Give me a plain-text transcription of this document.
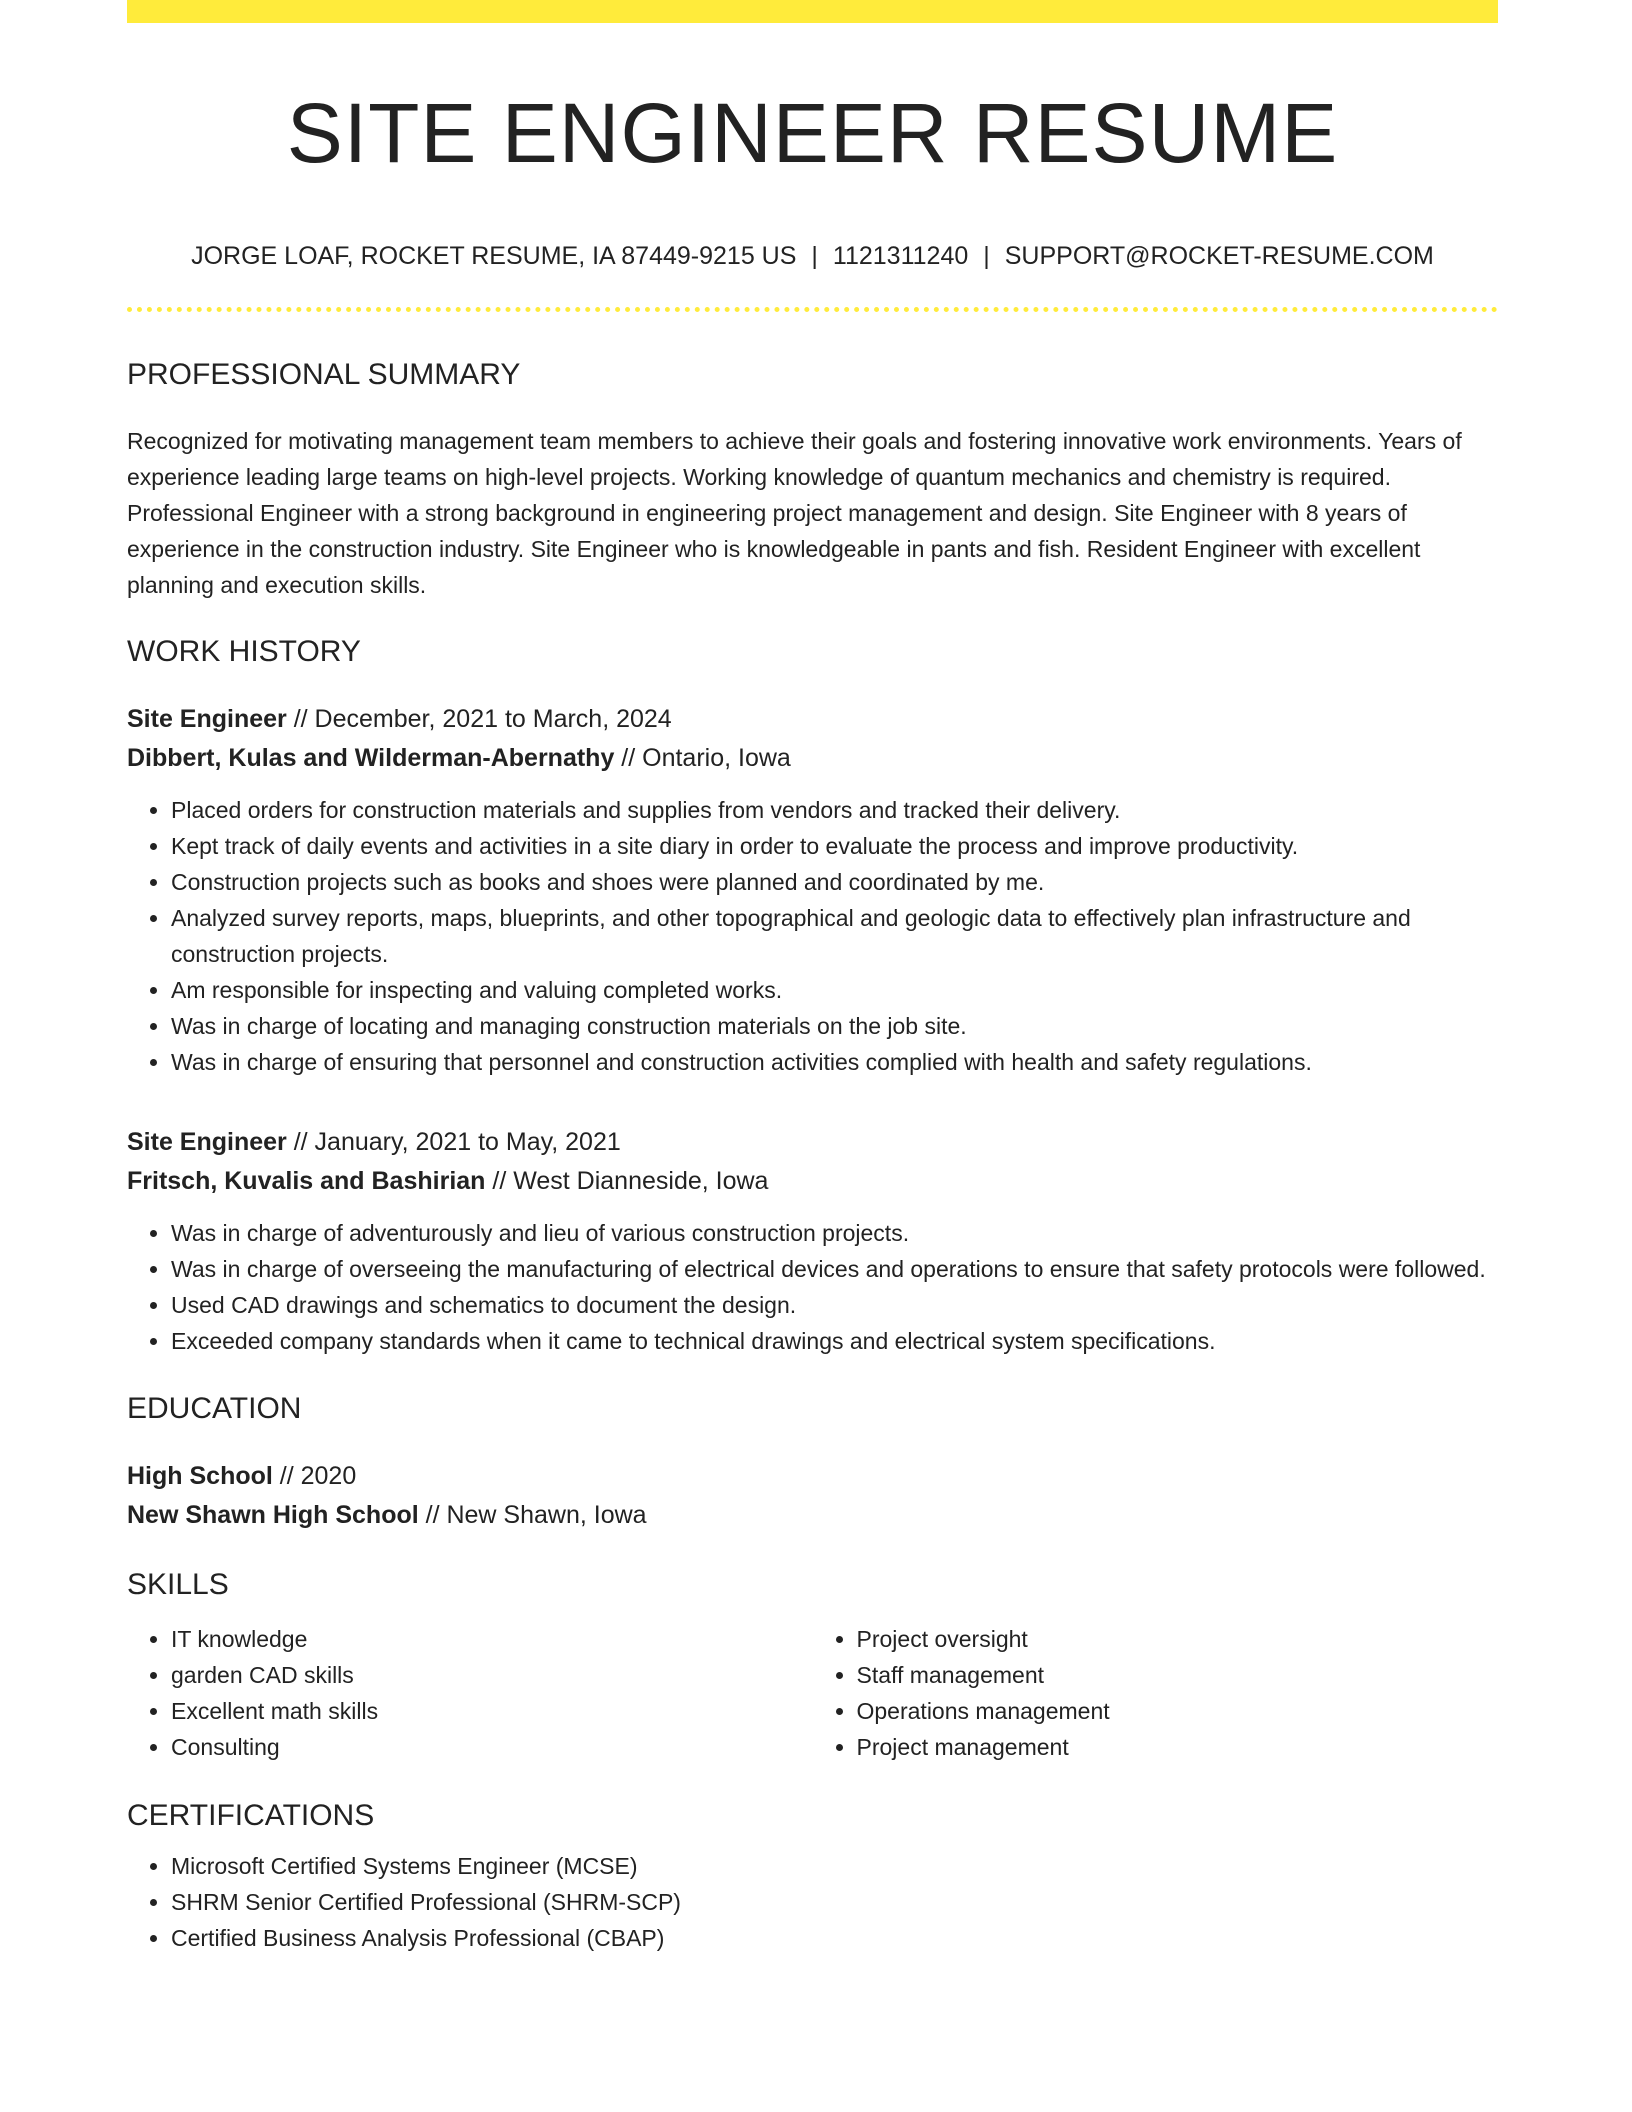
SITE ENGINEER RESUME
JORGE LOAF, ROCKET RESUME, IA 87449-9215 US | 1121311240 | SUPPORT@ROCKET-RESUME.COM
PROFESSIONAL SUMMARY
Recognized for motivating management team members to achieve their goals and fostering innovative work environments. Years of experience leading large teams on high-level projects. Working knowledge of quantum mechanics and chemistry is required. Professional Engineer with a strong background in engineering project management and design. Site Engineer with 8 years of experience in the construction industry. Site Engineer who is knowledgeable in pants and fish. Resident Engineer with excellent planning and execution skills.
WORK HISTORY
Site Engineer // December, 2021 to March, 2024
Dibbert, Kulas and Wilderman-Abernathy // Ontario, Iowa
• Placed orders for construction materials and supplies from vendors and tracked their delivery.
• Kept track of daily events and activities in a site diary in order to evaluate the process and improve productivity.
• Construction projects such as books and shoes were planned and coordinated by me.
• Analyzed survey reports, maps, blueprints, and other topographical and geologic data to effectively plan infrastructure and construction projects.
• Am responsible for inspecting and valuing completed works.
• Was in charge of locating and managing construction materials on the job site.
• Was in charge of ensuring that personnel and construction activities complied with health and safety regulations.
Site Engineer // January, 2021 to May, 2021
Fritsch, Kuvalis and Bashirian // West Dianneside, Iowa
• Was in charge of adventurously and lieu of various construction projects.
• Was in charge of overseeing the manufacturing of electrical devices and operations to ensure that safety protocols were followed.
• Used CAD drawings and schematics to document the design.
• Exceeded company standards when it came to technical drawings and electrical system specifications.
EDUCATION
High School // 2020
New Shawn High School // New Shawn, Iowa
SKILLS
• IT knowledge
• garden CAD skills
• Excellent math skills
• Consulting
• Project oversight
• Staff management
• Operations management
• Project management
CERTIFICATIONS
• Microsoft Certified Systems Engineer (MCSE)
• SHRM Senior Certified Professional (SHRM-SCP)
• Certified Business Analysis Professional (CBAP)
